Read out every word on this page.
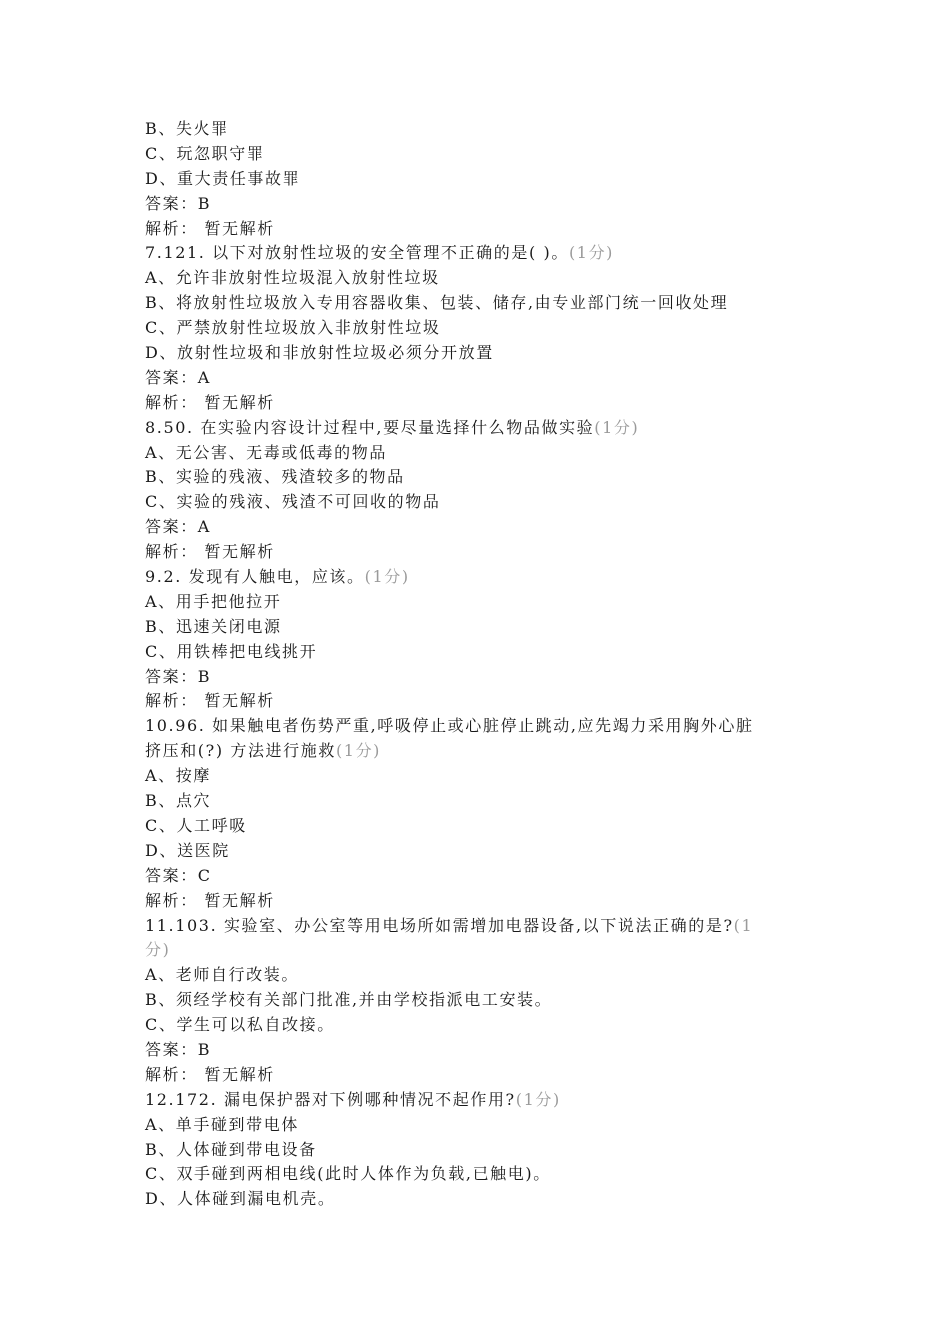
B、失火罪
C、玩忽职守罪
D、重大责任事故罪
答案：B
解析： 暂无解析
7.121. 以下对放射性垃圾的安全管理不正确的是( )。(1分)
A、允许非放射性垃圾混入放射性垃圾
B、将放射性垃圾放入专用容器收集、包装、储存,由专业部门统一回收处理
C、严禁放射性垃圾放入非放射性垃圾
D、放射性垃圾和非放射性垃圾必须分开放置
答案：A
解析： 暂无解析
8.50. 在实验内容设计过程中,要尽量选择什么物品做实验(1分)
A、无公害、无毒或低毒的物品
B、实验的残液、残渣较多的物品
C、实验的残液、残渣不可回收的物品
答案：A
解析： 暂无解析
9.2. 发现有人触电，应该。(1分)
A、用手把他拉开
B、迅速关闭电源
C、用铁棒把电线挑开
答案：B
解析： 暂无解析
10.96. 如果触电者伤势严重,呼吸停止或心脏停止跳动,应先竭力采用胸外心脏
挤压和(?) 方法进行施救(1分)
A、按摩
B、点穴
C、人工呼吸
D、送医院
答案：C
解析： 暂无解析
11.103. 实验室、办公室等用电场所如需增加电器设备,以下说法正确的是?(1
分)
A、老师自行改装。
B、须经学校有关部门批准,并由学校指派电工安装。
C、学生可以私自改接。
答案：B
解析： 暂无解析
12.172. 漏电保护器对下例哪种情况不起作用?(1分)
A、单手碰到带电体
B、人体碰到带电设备
C、双手碰到两相电线(此时人体作为负载,已触电)。
D、人体碰到漏电机壳。
